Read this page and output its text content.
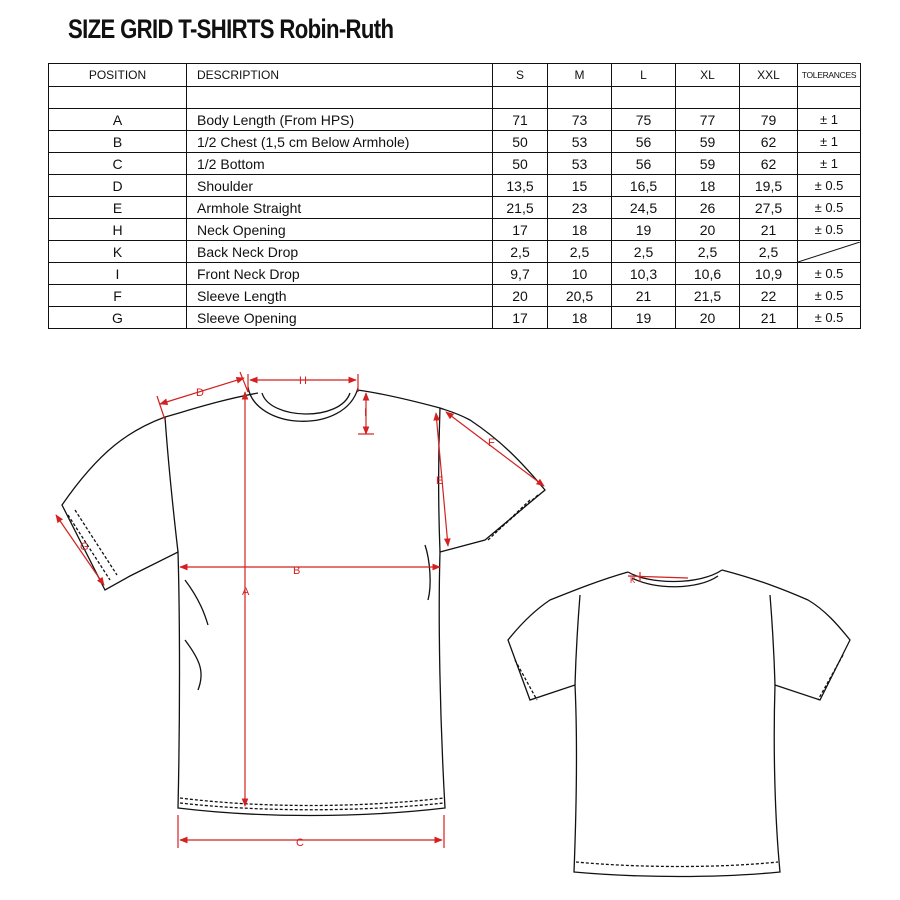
SIZE GRID T-SHIRTS Robin-Ruth
POSITION	DESCRIPTION	S	M	L	XL	XXL	TOLERANCES

A	Body Length (From HPS)	71	73	75	77	79	± 1
B	1/2 Chest (1,5 cm Below Armhole)	50	53	56	59	62	± 1
C	1/2 Bottom	50	53	56	59	62	± 1
D	Shoulder	13,5	15	16,5	18	19,5	± 0.5
E	Armhole Straight	21,5	23	24,5	26	27,5	± 0.5
H	Neck Opening	17	18	19	20	21	± 0.5
K	Back Neck Drop	2,5	2,5	2,5	2,5	2,5	

I	Front Neck Drop	9,7	10	10,3	10,6	10,9	± 0.5
F	Sleeve Length	20	20,5	21	21,5	22	± 0.5
G	Sleeve Opening	17	18	19	20	21	± 0.5
D
H
I
A
B
C
E
F
G
K
